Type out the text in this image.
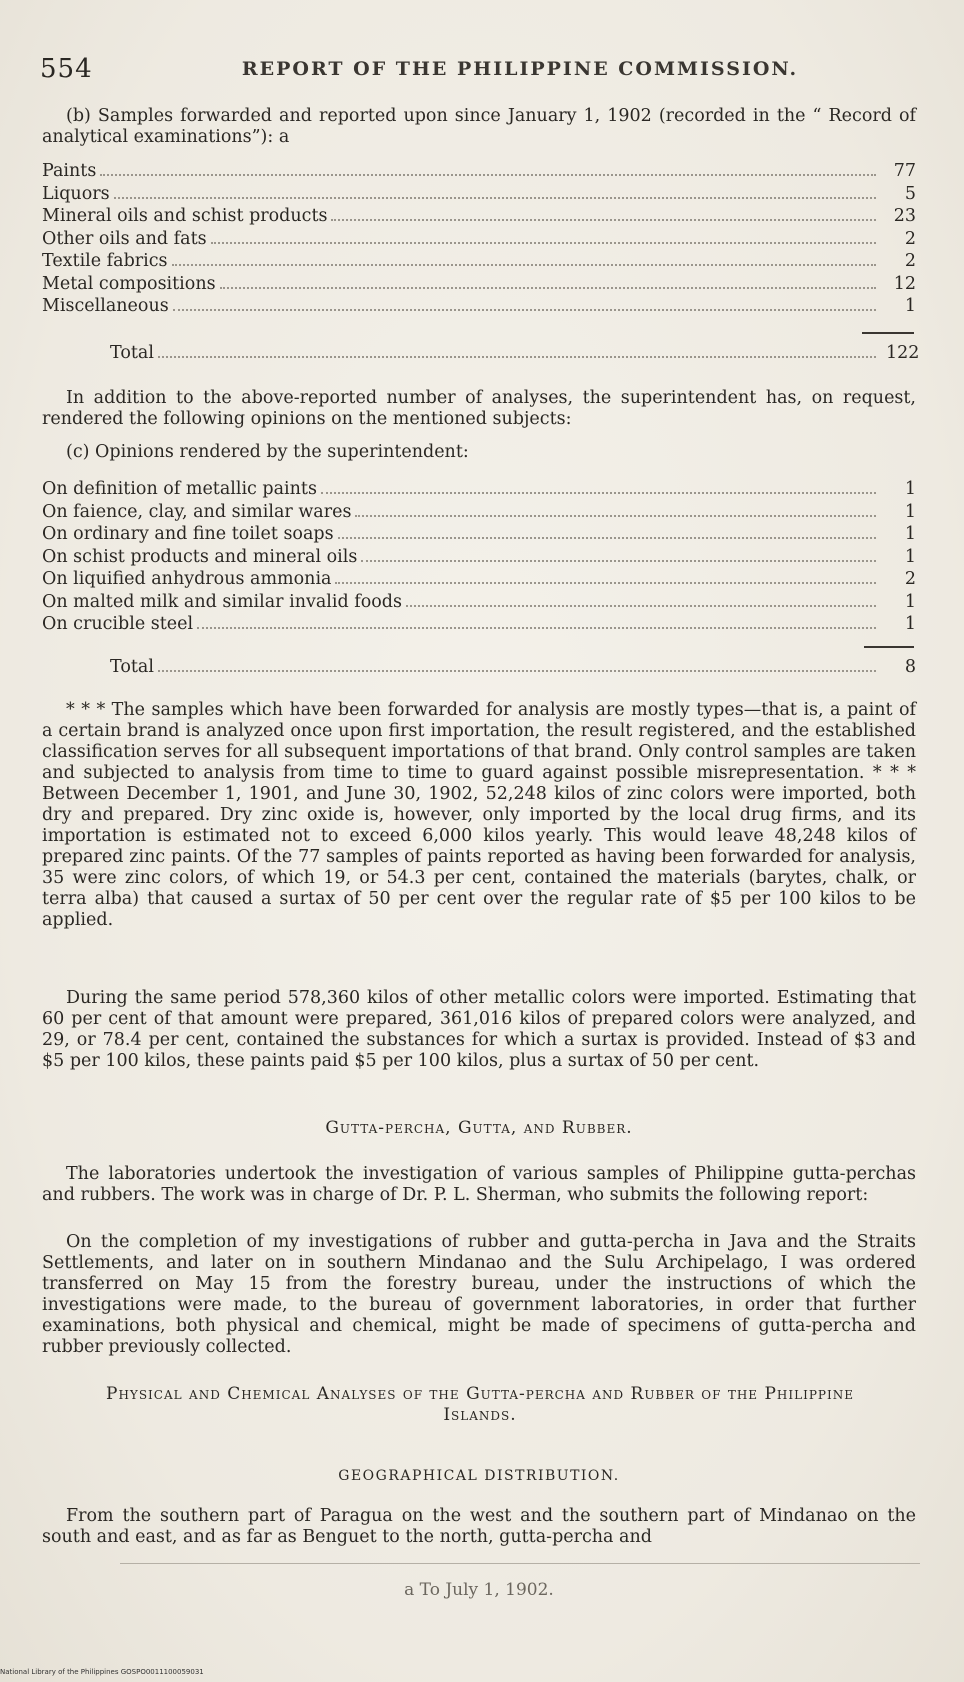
554	REPORT OF THE PHILIPPINE COMMISSION.
(b) Samples forwarded and reported upon since January 1, 1902 (recorded in the “ Record of analytical examinations”): a
Paints	77
Liquors	5
Mineral oils and schist products	23
Other oils and fats	2
Textile fabrics	2
Metal compositions	12
Miscellaneous	1
Total	122
In addition to the above-reported number of analyses, the superintendent has, on request, rendered the following opinions on the mentioned subjects:
(c) Opinions rendered by the superintendent:
On definition of metallic paints	1
On faience, clay, and similar wares	1
On ordinary and fine toilet soaps	1
On schist products and mineral oils	1
On liquified anhydrous ammonia	2
On malted milk and similar invalid foods	1
On crucible steel	1
Total	8
* * * The samples which have been forwarded for analysis are mostly types—that is, a paint of a certain brand is analyzed once upon first importation, the result registered, and the established classification serves for all subsequent importations of that brand. Only control samples are taken and subjected to analysis from time to time to guard against possible misrepresentation. * * * Between December 1, 1901, and June 30, 1902, 52,248 kilos of zinc colors were imported, both dry and prepared. Dry zinc oxide is, however, only imported by the local drug firms, and its importation is estimated not to exceed 6,000 kilos yearly. This would leave 48,248 kilos of prepared zinc paints. Of the 77 samples of paints reported as having been forwarded for analysis, 35 were zinc colors, of which 19, or 54.3 per cent, contained the materials (barytes, chalk, or terra alba) that caused a surtax of 50 per cent over the regular rate of $5 per 100 kilos to be applied.
During the same period 578,360 kilos of other metallic colors were imported. Estimating that 60 per cent of that amount were prepared, 361,016 kilos of prepared colors were analyzed, and 29, or 78.4 per cent, contained the substances for which a surtax is provided. Instead of $3 and $5 per 100 kilos, these paints paid $5 per 100 kilos, plus a surtax of 50 per cent.
Gutta-percha, Gutta, and Rubber.
The laboratories undertook the investigation of various samples of Philippine gutta-perchas and rubbers. The work was in charge of Dr. P. L. Sherman, who submits the following report:
On the completion of my investigations of rubber and gutta-percha in Java and the Straits Settlements, and later on in southern Mindanao and the Sulu Archipelago, I was ordered transferred on May 15 from the forestry bureau, under the instructions of which the investigations were made, to the bureau of government laboratories, in order that further examinations, both physical and chemical, might be made of specimens of gutta-percha and rubber previously collected.
Physical and Chemical Analyses of the Gutta-percha and Rubber of the Philippine Islands.
GEOGRAPHICAL DISTRIBUTION.
From the southern part of Paragua on the west and the southern part of Mindanao on the south and east, and as far as Benguet to the north, gutta-percha and
a To July 1, 1902.
National Library of the Philippines GOSPO0011100059031
